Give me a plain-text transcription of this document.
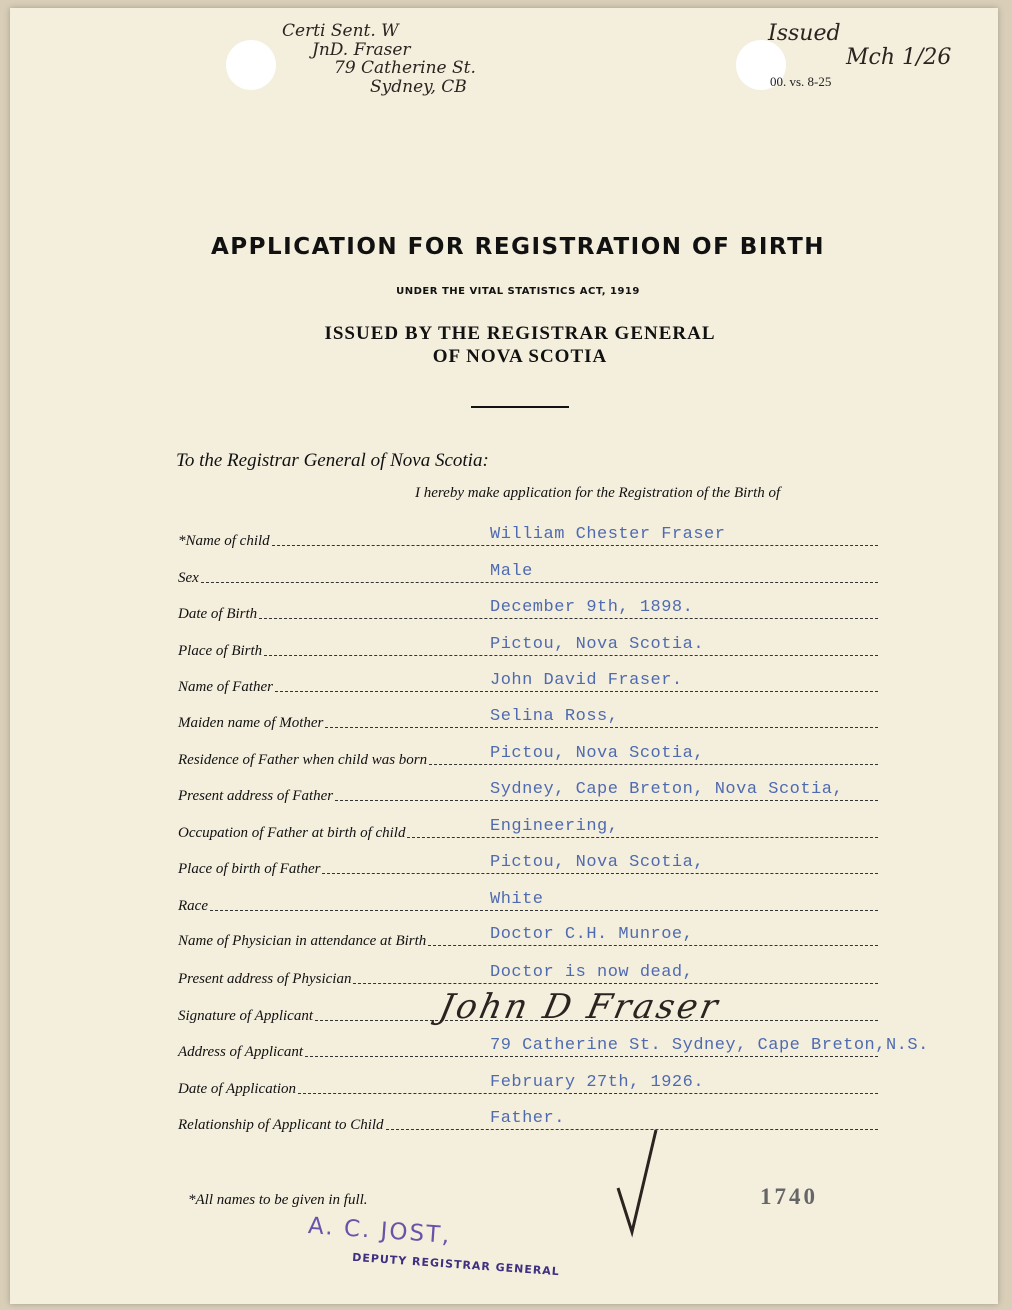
Certi Sent. W
JnD. Fraser
79 Catherine St.
Sydney, CB
Issued
Mch 1/26
00. vs. 8-25
APPLICATION FOR REGISTRATION OF BIRTH
UNDER THE VITAL STATISTICS ACT, 1919
ISSUED BY THE REGISTRAR GENERAL
OF NOVA SCOTIA
To the Registrar General of Nova Scotia:
I hereby make application for the Registration of the Birth of
*Name of child	William Chester Fraser
Sex	Male
Date of Birth	December 9th, 1898.
Place of Birth	Pictou, Nova Scotia.
Name of Father	John David Fraser.
Maiden name of Mother	Selina Ross,
Residence of Father when child was born	Pictou, Nova Scotia,
Present address of Father	Sydney, Cape Breton, Nova Scotia,
Occupation of Father at birth of child	Engineering,
Place of birth of Father	Pictou, Nova Scotia,
Race	White
Name of Physician in attendance at Birth	Doctor C.H. Munroe,
Present address of Physician	Doctor is now dead,
Signature of Applicant	John D Fraser
Address of Applicant	79 Catherine St. Sydney, Cape Breton,N.S.
Date of Application	February 27th, 1926.
Relationship of Applicant to Child	Father.
*All names to be given in full.	1740
A. C. JOST,
DEPUTY REGISTRAR GENERAL
